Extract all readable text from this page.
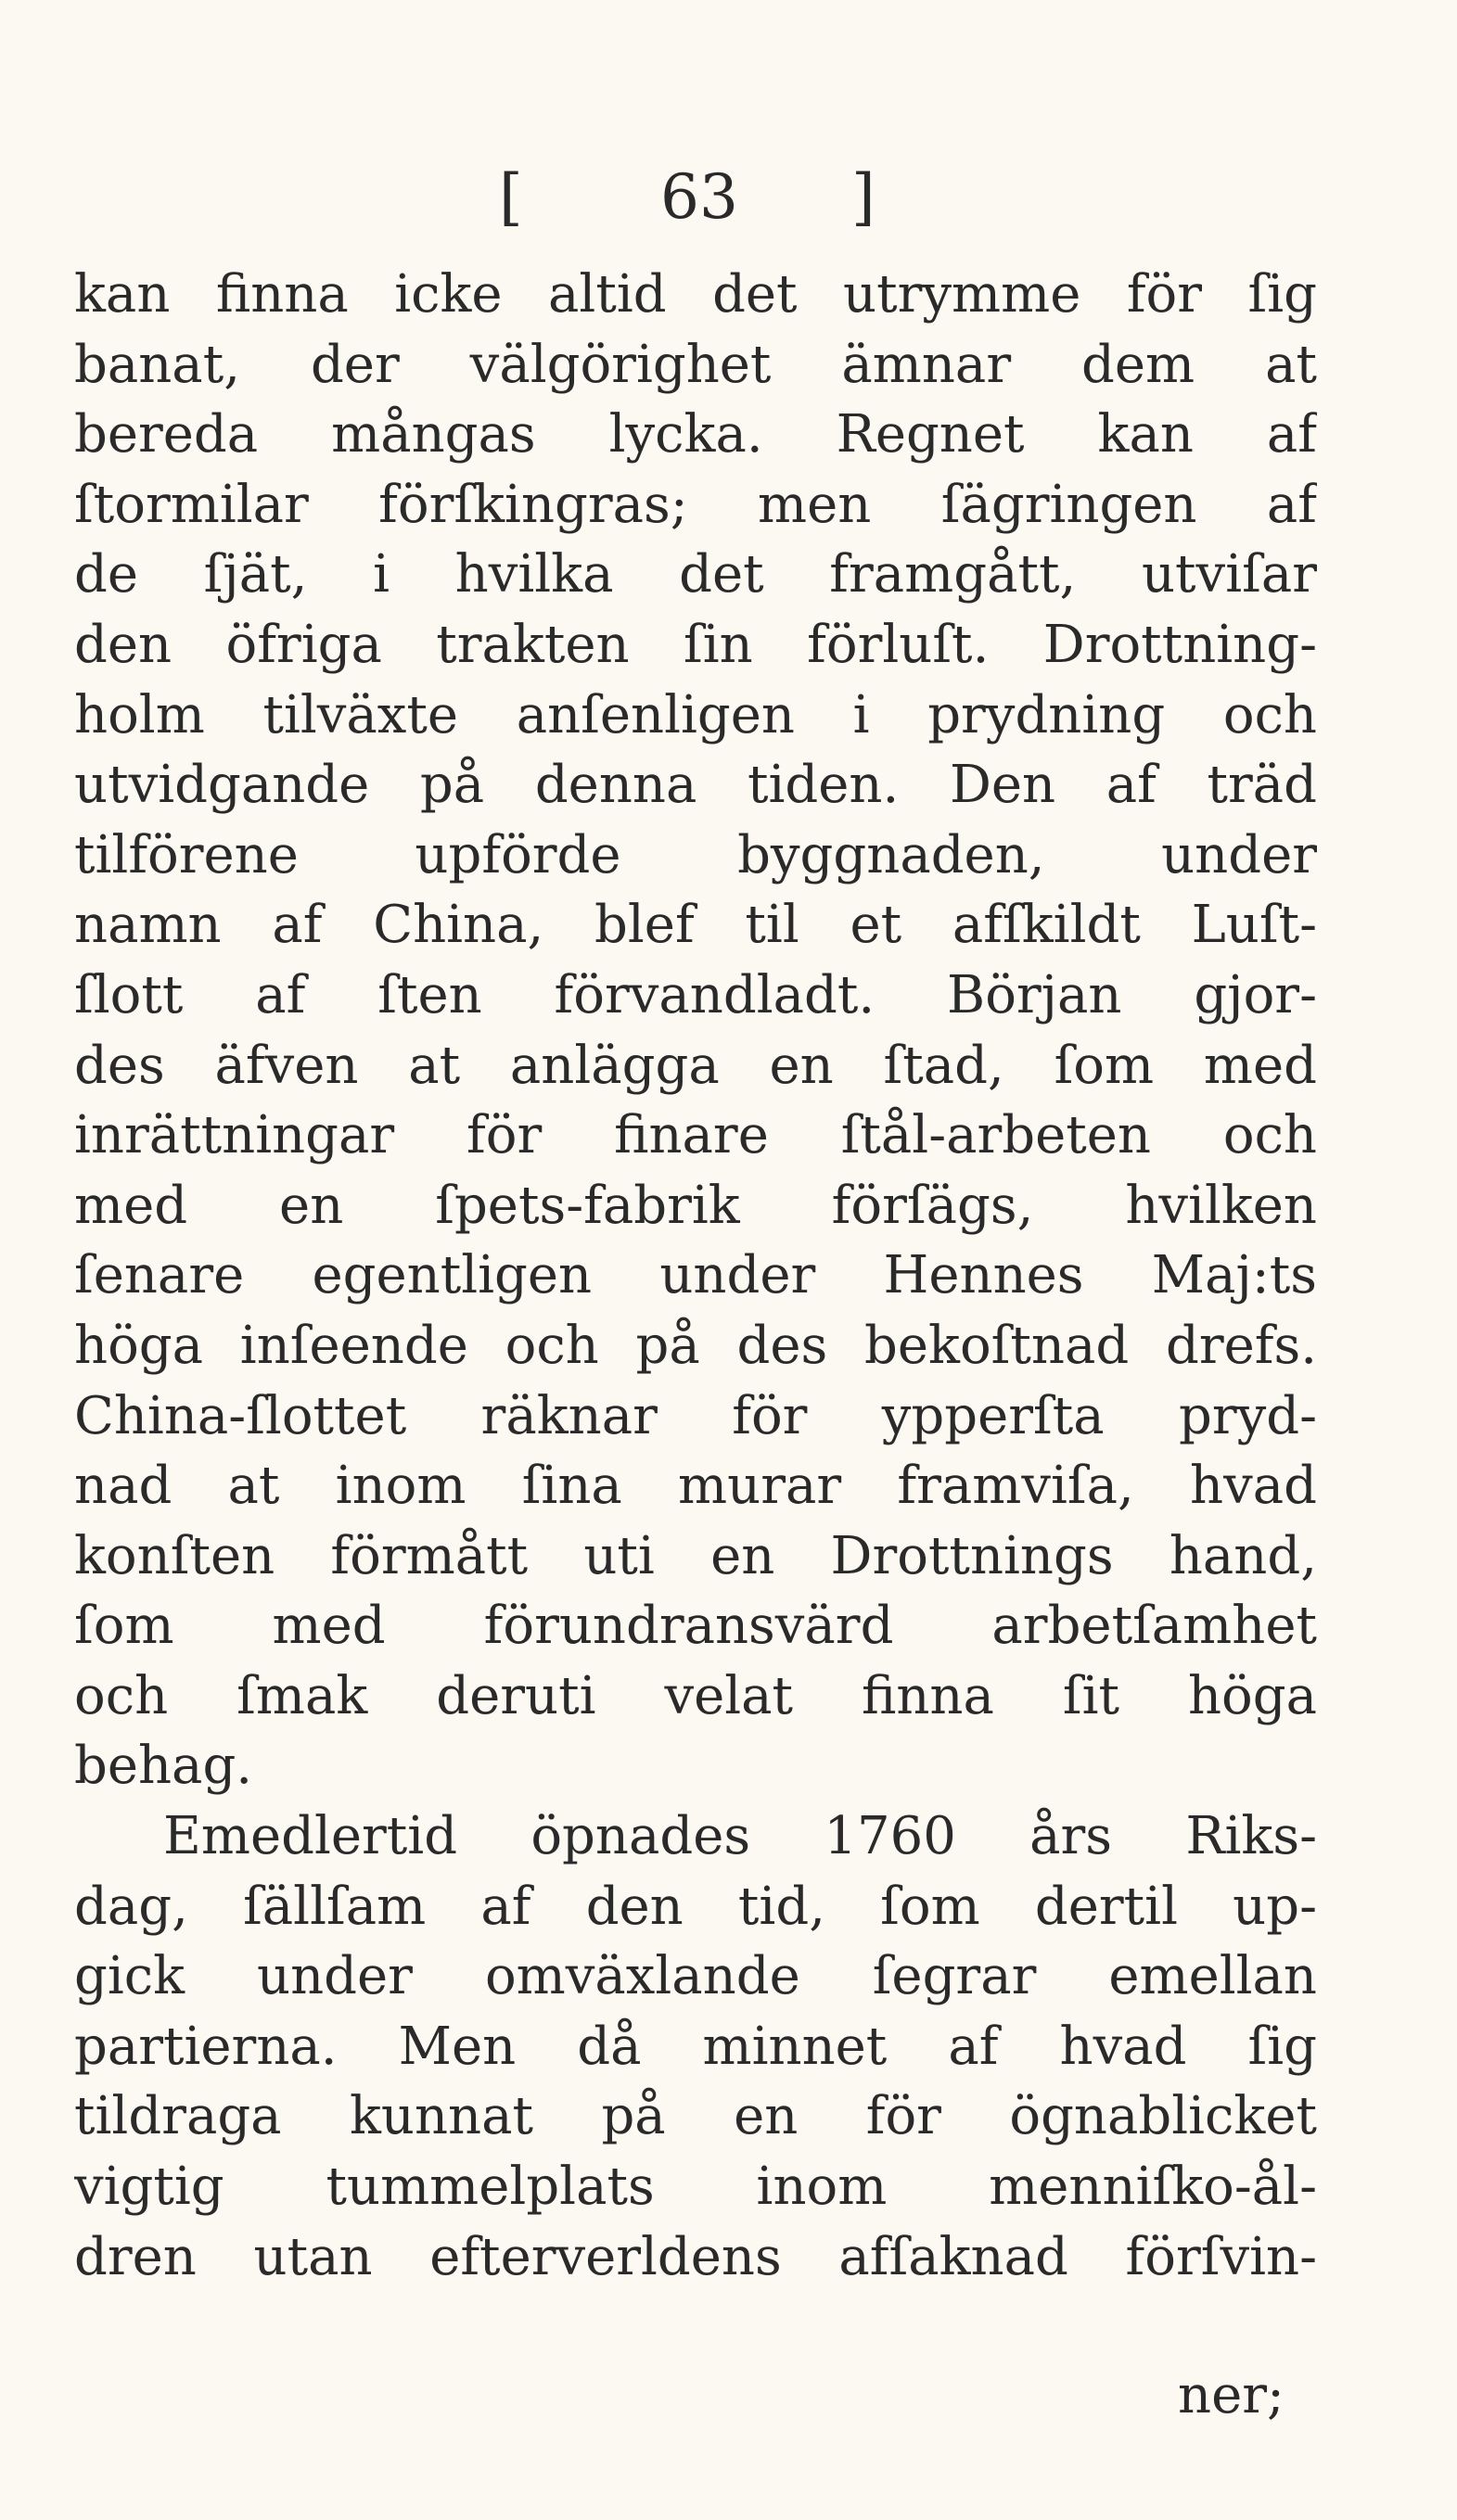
[ 63 ]
kan finna icke altid det utrymme för ſig
banat, der välgörighet ämnar dem at
bereda mångas lycka. Regnet kan af
ſtormilar förſkingras; men ſägringen af
de ſjät, i hvilka det framgått, utviſar
den öfriga trakten ſin förluſt. Drottning-
holm tilväxte anſenligen i prydning och
utvidgande på denna tiden. Den af träd
tilförene upförde byggnaden, under
namn af China, blef til et afſkildt Luſt-
ſlott af ſten förvandladt. Början gjor-
des äfven at anlägga en ſtad, ſom med
inrättningar för finare ſtål-arbeten och
med en ſpets-fabrik förſägs, hvilken
ſenare egentligen under Hennes Maj:ts
höga inſeende och på des bekoſtnad drefs.
China-ſlottet räknar för ypperſta pryd-
nad at inom ſina murar framviſa, hvad
konſten förmått uti en Drottnings hand,
ſom med förundransvärd arbetſamhet
och ſmak deruti velat finna ſit höga
behag.
Emedlertid öpnades 1760 års Riks-
dag, ſällſam af den tid, ſom dertil up-
gick under omväxlande ſegrar emellan
partierna. Men då minnet af hvad ſig
tildraga kunnat på en för ögnablicket
vigtig tummelplats inom menniſko-ål-
dren utan efterverldens afſaknad förſvin-
ner;
